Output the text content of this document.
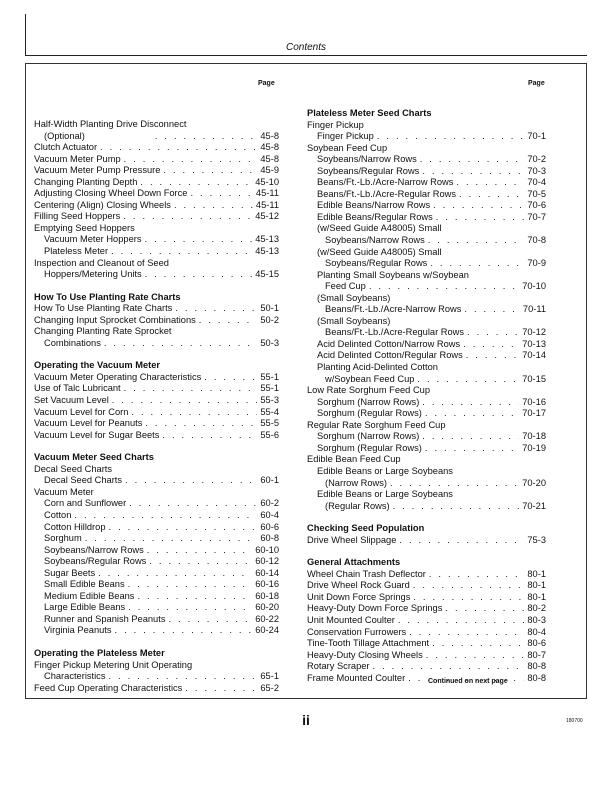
Contents
Page	Page
Half-Width Planting Drive Disconnect
(Optional) . . .	45-8
Clutch Actuator . . .	45-8
Vacuum Meter Pump . . .	45-8
Vacuum Meter Pump Pressure . . .	45-9
Changing Planting Depth . . .	45-10
Adjusting Closing Wheel Down Force . . .	45-11
Centering (Align) Closing Wheels . . .	45-11
Filling Seed Hoppers . . .	45-12
Emptying Seed Hoppers
Vacuum Meter Hoppers . . .	45-13
Plateless Meter . . .	45-13
Inspection and Cleanout of Seed
Hoppers/Metering Units . . .	45-15
How To Use Planting Rate Charts
How To Use Planting Rate Charts . . .	50-1
Changing Input Sprocket Combinations . . .	50-2
Changing Planting Rate Sprocket
Combinations . . .	50-3
Operating the Vacuum Meter
Vacuum Meter Operating Characteristics . . .	55-1
Use of Talc Lubricant . . .	55-1
Set Vacuum Level . . .	55-3
Vacuum Level for Corn . . .	55-4
Vacuum Level for Peanuts . . .	55-5
Vacuum Level for Sugar Beets . . .	55-6
Vacuum Meter Seed Charts
Decal Seed Charts
Decal Seed Charts . . .	60-1
Vacuum Meter
Corn and Sunflower . . .	60-2
Cotton . . .	60-4
Cotton Hilldrop . . .	60-6
Sorghum . . .	60-8
Soybeans/Narrow Rows . . .	60-10
Soybeans/Regular Rows . . .	60-12
Sugar Beets . . .	60-14
Small Edible Beans . . .	60-16
Medium Edible Beans . . .	60-18
Large Edible Beans . . .	60-20
Runner and Spanish Peanuts . . .	60-22
Virginia Peanuts . . .	60-24
Operating the Plateless Meter
Finger Pickup Metering Unit Operating
Characteristics . . .	65-1
Feed Cup Operating Characteristics . . .	65-2
Plateless Meter Seed Charts
Finger Pickup
Finger Pickup . . .	70-1
Soybean Feed Cup
Soybeans/Narrow Rows . . .	70-2
Soybeans/Regular Rows . . .	70-3
Beans/Ft.-Lb./Acre-Narrow Rows . . .	70-4
Beans/Ft.-Lb./Acre-Regular Rows . . .	70-5
Edible Beans/Narrow Rows . . .	70-6
Edible Beans/Regular Rows . . .	70-7
(w/Seed Guide A48005) Small
Soybeans/Narrow Rows . . .	70-8
(w/Seed Guide A48005) Small
Soybeans/Regular Rows . . .	70-9
Planting Small Soybeans w/Soybean
Feed Cup . . .	70-10
(Small Soybeans)
Beans/Ft.-Lb./Acre-Narrow Rows . . .	70-11
(Small Soybeans)
Beans/Ft.-Lb./Acre-Regular Rows . . .	70-12
Acid Delinted Cotton/Narrow Rows . . .	70-13
Acid Delinted Cotton/Regular Rows . . .	70-14
Planting Acid-Delinted Cotton
w/Soybean Feed Cup . . .	70-15
Low Rate Sorghum Feed Cup
Sorghum (Narrow Rows) . . .	70-16
Sorghum (Regular Rows) . . .	70-17
Regular Rate Sorghum Feed Cup
Sorghum (Narrow Rows) . . .	70-18
Sorghum (Regular Rows) . . .	70-19
Edible Bean Feed Cup
Edible Beans or Large Soybeans
(Narrow Rows) . . .	70-20
Edible Beans or Large Soybeans
(Regular Rows) . . .	70-21
Checking Seed Population
Drive Wheel Slippage . . .	75-3
General Attachments
Wheel Chain Trash Deflector . . .	80-1
Drive Wheel Rock Guard . . .	80-1
Unit Down Force Springs . . .	80-1
Heavy-Duty Down Force Springs . . .	80-2
Unit Mounted Coulter . . .	80-3
Conservation Furrowers . . .	80-4
Tine-Tooth Tillage Attachment . . .	80-6
Heavy-Duty Closing Wheels . . .	80-7
Rotary Scraper . . .	80-8
Frame Mounted Coulter . . .	80-8
Continued on next page
ii	180700
